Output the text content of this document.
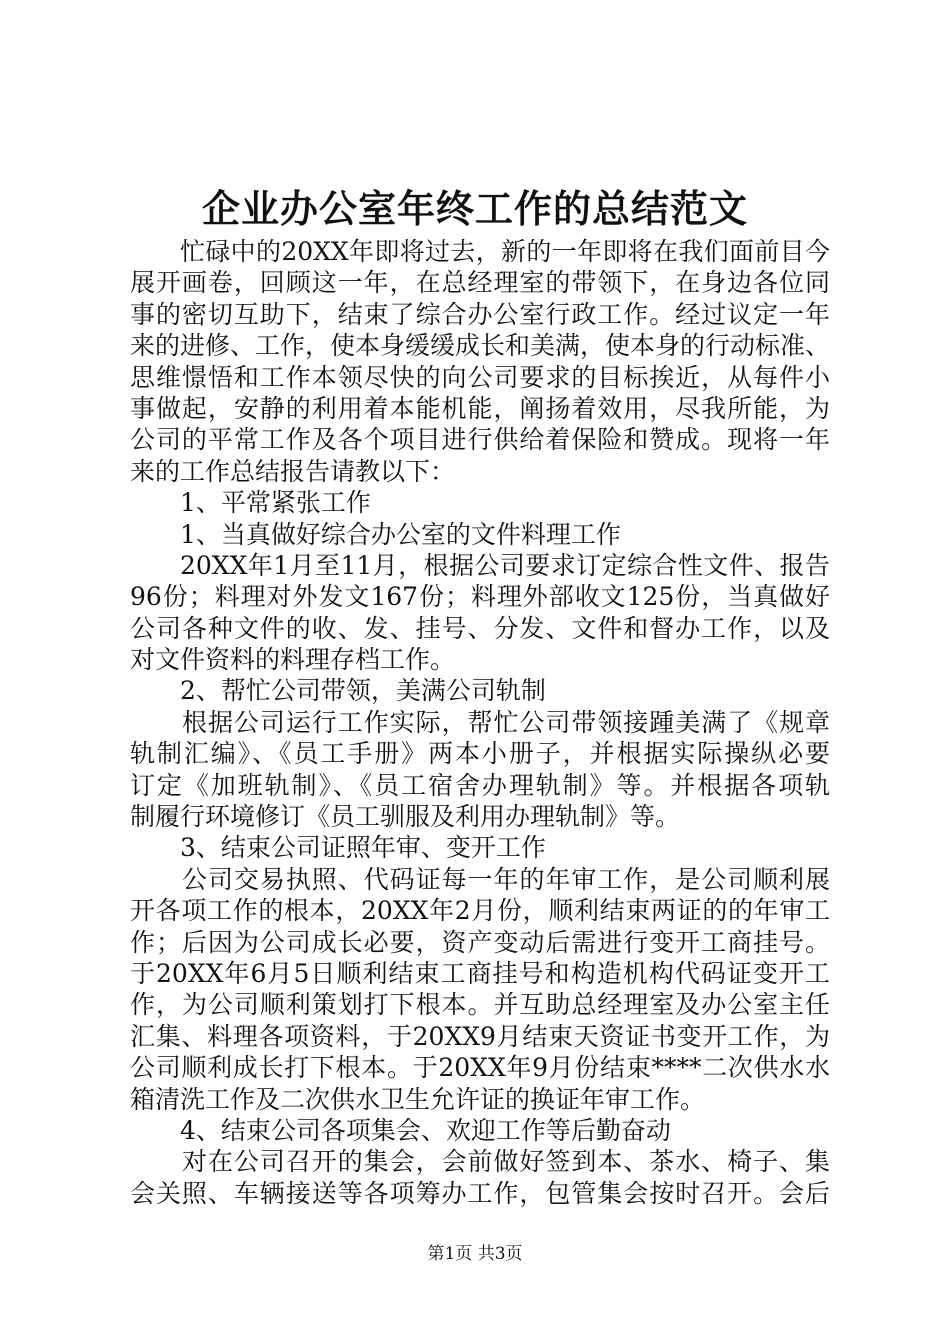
企业办公室年终工作的总结范文
忙碌中的20XX年即将过去，新的一年即将在我们面前目今
展开画卷，回顾这一年，在总经理室的带领下，在身边各位同
事的密切互助下，结束了综合办公室行政工作。经过议定一年
来的进修、工作，使本身缓缓成长和美满，使本身的行动标准、
思维憬悟和工作本领尽快的向公司要求的目标挨近，从每件小
事做起，安静的利用着本能机能，阐扬着效用，尽我所能，为
公司的平常工作及各个项目进行供给着保险和赞成。现将一年
来的工作总结报告请教以下：
1、平常紧张工作
1、当真做好综合办公室的文件料理工作
20XX年1月至11月，根据公司要求订定综合性文件、报告
96份；料理对外发文167份；料理外部收文125份，当真做好
公司各种文件的收、发、挂号、分发、文件和督办工作，以及
对文件资料的料理存档工作。
2、帮忙公司带领，美满公司轨制
根据公司运行工作实际，帮忙公司带领接踵美满了《规章
轨制汇编》、《员工手册》两本小册子，并根据实际操纵必要
订定《加班轨制》、《员工宿舍办理轨制》等。并根据各项轨
制履行环境修订《员工驯服及利用办理轨制》等。
3、结束公司证照年审、变开工作
公司交易执照、代码证每一年的年审工作，是公司顺利展
开各项工作的根本，20XX年2月份，顺利结束两证的的年审工
作；后因为公司成长必要，资产变动后需进行变开工商挂号。
于20XX年6月5日顺利结束工商挂号和构造机构代码证变开工
作，为公司顺利策划打下根本。并互助总经理室及办公室主任
汇集、料理各项资料，于20XX9月结束天资证书变开工作，为
公司顺利成长打下根本。于20XX年9月份结束****二次供水水
箱清洗工作及二次供水卫生允许证的换证年审工作。
4、结束公司各项集会、欢迎工作等后勤奋动
对在公司召开的集会，会前做好签到本、茶水、椅子、集
会关照、车辆接送等各项筹办工作，包管集会按时召开。会后
第1页 共3页
